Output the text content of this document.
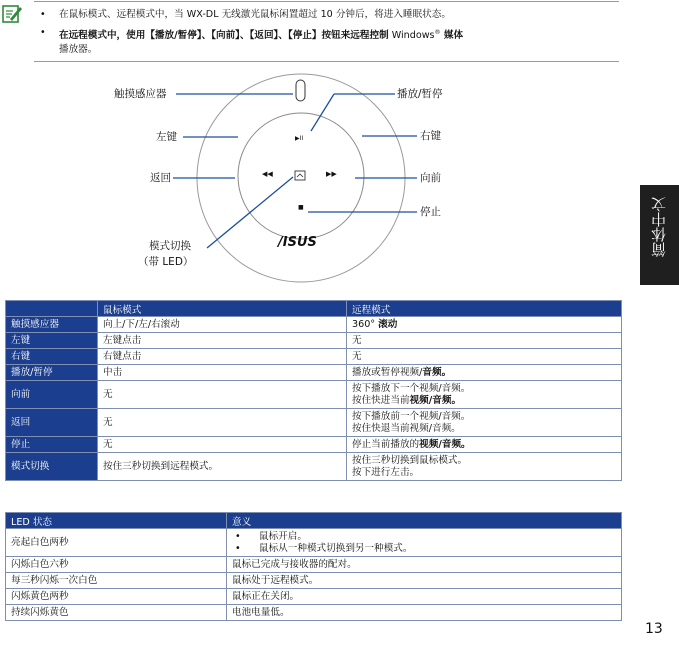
• 在鼠标模式、远程模式中，当 WX-DL 无线激光鼠标闲置超过 10 分钟后，将进入睡眠状态。
• 在远程模式中，使用【播放/暂停】、【向前】、【返回】、【停止】按钮来远程控制 Windows® 媒体
播放器。
/ISUS
▶II
◀◀	▶▶
■
触摸感应器	播放/暂停
左键	右键
返回	向前
停止
模式切换
（带 LED）
	鼠标模式	远程模式
触摸感应器	向上/下/左/右滚动	360° 滚动
左键	左键点击	无
右键	右键点击	无
播放/暂停	中击	播放或暂停视频/音频。
向前	无	按下播放下一个视频/音频。
按住快进当前视频/音频。
返回	无	按下播放前一个视频/音频。
按住快退当前视频/音频。
停止	无	停止当前播放的视频/音频。
模式切换	按住三秒切换到远程模式。	按住三秒切换到鼠标模式。
按下进行左击。
LED 状态	意义
亮起白色两秒	• 鼠标开启。
• 鼠标从一种模式切换到另一种模式。

闪烁白色六秒	鼠标已完成与接收器的配对。
每三秒闪烁一次白色	鼠标处于远程模式。
闪烁黄色两秒	鼠标正在关闭。
持续闪烁黄色	电池电量低。
简体中文
13
